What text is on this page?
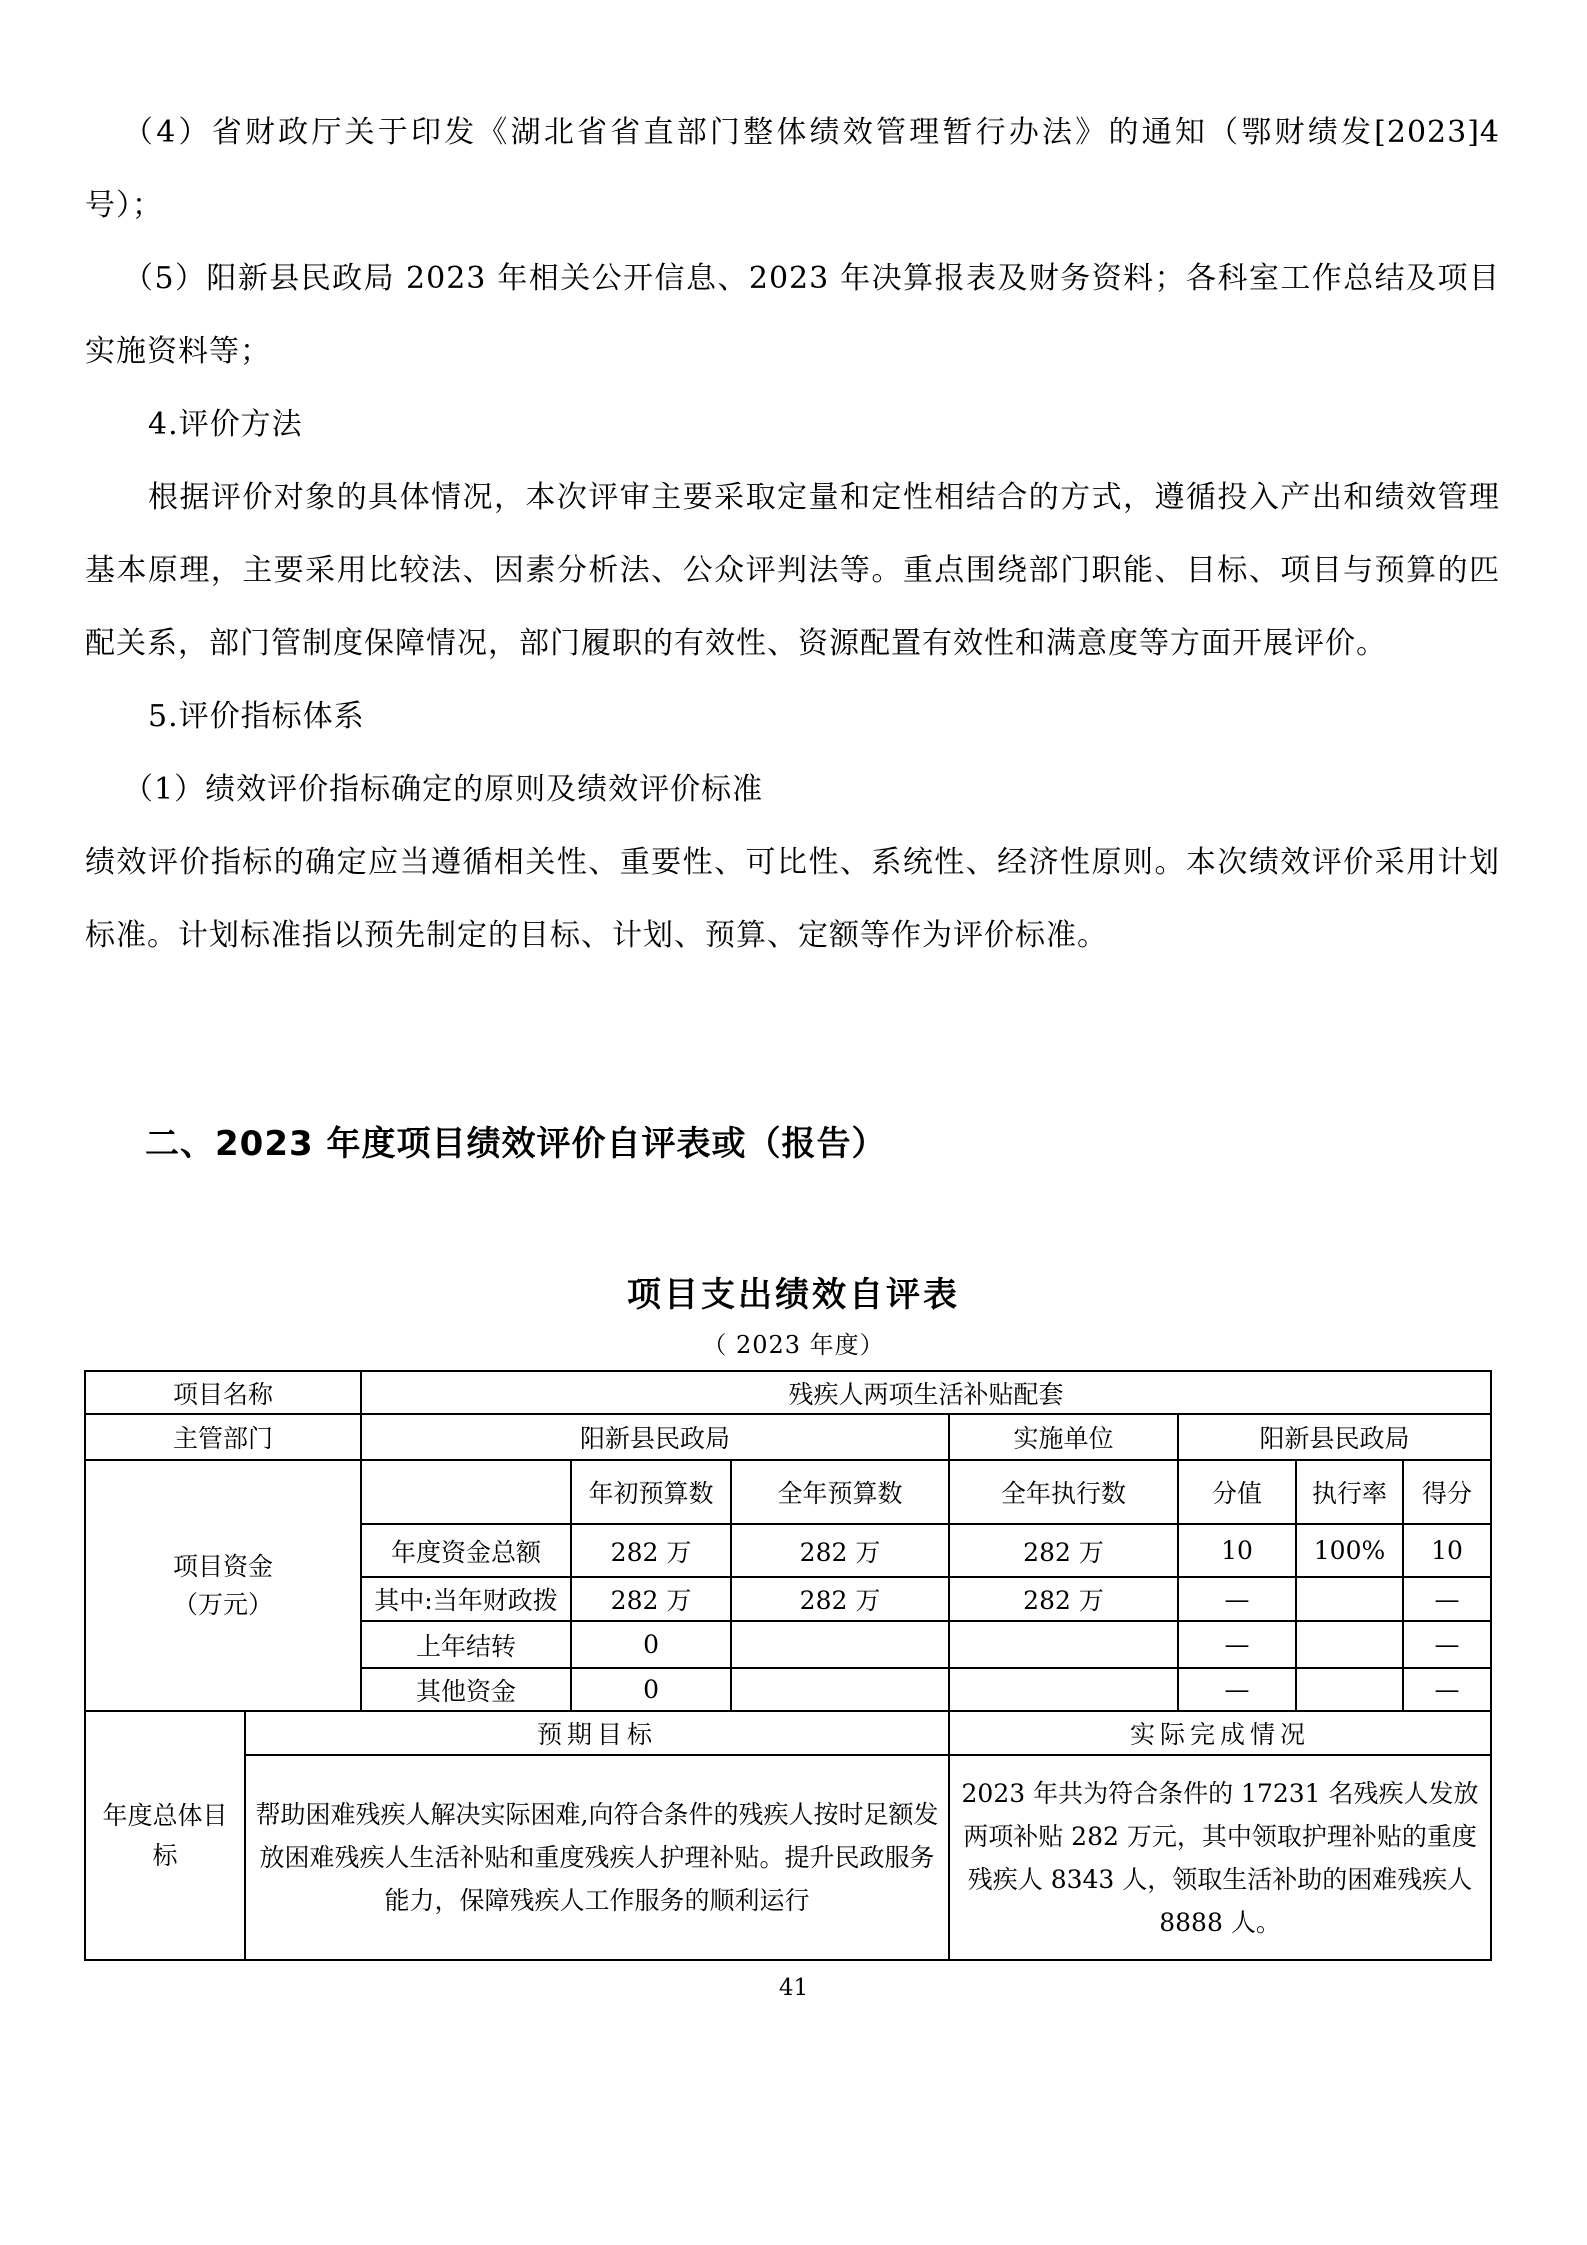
（4）省财政厅关于印发《湖北省省直部门整体绩效管理暂行办法》的通知（鄂财绩发[2023]4 号）；

（5）阳新县民政局 2023 年相关公开信息、2023 年决算报表及财务资料；各科室工作总结及项目实施资料等；

4.评价方法

根据评价对象的具体情况，本次评审主要采取定量和定性相结合的方式，遵循投入产出和绩效管理基本原理，主要采用比较法、因素分析法、公众评判法等。重点围绕部门职能、目标、项目与预算的匹配关系，部门管制度保障情况，部门履职的有效性、资源配置有效性和满意度等方面开展评价。

5.评价指标体系

（1）绩效评价指标确定的原则及绩效评价标准

绩效评价指标的确定应当遵循相关性、重要性、可比性、系统性、经济性原则。本次绩效评价采用计划标准。计划标准指以预先制定的目标、计划、预算、定额等作为评价标准。

二、2023 年度项目绩效评价自评表或（报告）
项目支出绩效自评表
（ 2023 年度）
项目名称		残疾人两项生活补贴配套						
主管部门		阳新县民政局			实施单位	阳新县民政局		

项目资金
（万元）			年初预算数	全年预算数	全年执行数	分值	执行率	得分
		年度资金总额	282 万	282 万	282 万	10	100%	10
		其中:当年财政拨	282 万	282 万	282 万	—		—
		上年结转	0			—		—
		其他资金	0			—		—
年度总体目标	预期目标				实际完成情况			
	帮助困难残疾人解决实际困难,向符合条件的残疾人按时足额发放困难残疾人生活补贴和重度残疾人护理补贴。提升民政服务能力，保障残疾人工作服务的顺利运行				2023 年共为符合条件的 17231 名残疾人发放两项补贴 282 万元，其中领取护理补贴的重度残疾人 8343 人，领取生活补助的困难残疾人 8888 人。			
41
